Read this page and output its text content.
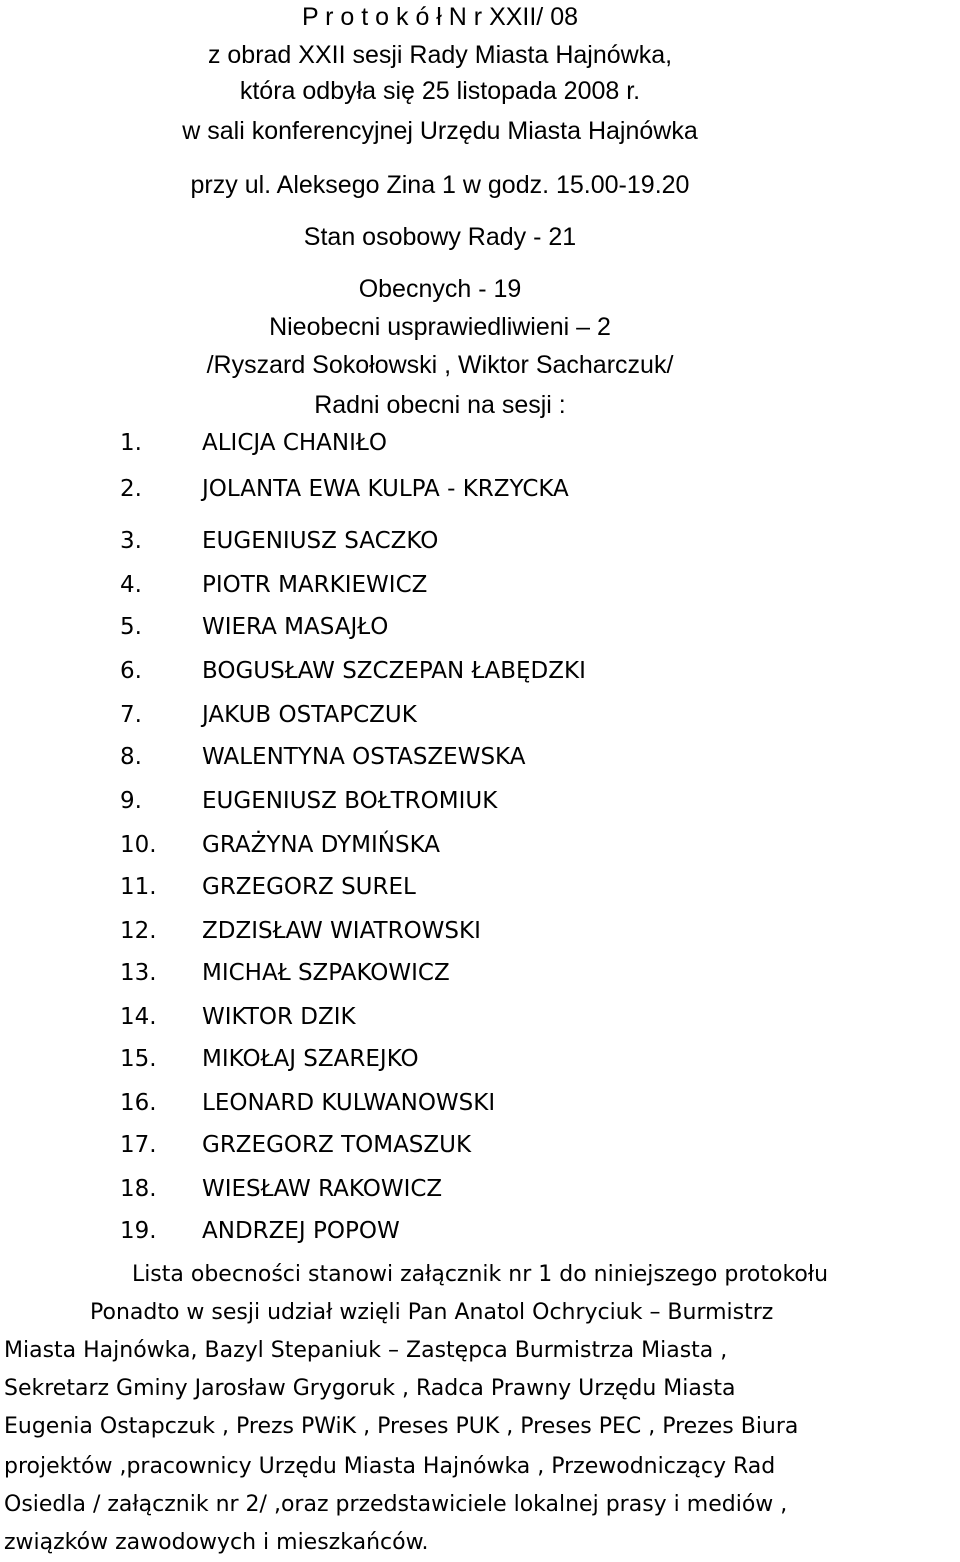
P r o t o k ó ł N r XXII/ 08
z obrad XXII sesji Rady Miasta Hajnówka,
która odbyła się 25 listopada 2008 r.
w sali konferencyjnej Urzędu Miasta Hajnówka
przy ul. Aleksego Zina 1 w godz. 15.00-19.20
Stan osobowy Rady - 21
Obecnych - 19
Nieobecni usprawiedliwieni – 2
/Ryszard Sokołowski , Wiktor Sacharczuk/
Radni obecni na sesji :
1.	ALICJA CHANIŁO
2.	JOLANTA EWA KULPA - KRZYCKA
3.	EUGENIUSZ SACZKO
4.	PIOTR MARKIEWICZ
5.	WIERA MASAJŁO
6.	BOGUSŁAW SZCZEPAN ŁABĘDZKI
7.	JAKUB OSTAPCZUK
8.	WALENTYNA OSTASZEWSKA
9.	EUGENIUSZ BOŁTROMIUK
10. GRAŻYNA DYMIŃSKA
11. GRZEGORZ SUREL
12. ZDZISŁAW WIATROWSKI
13. MICHAŁ SZPAKOWICZ
14. WIKTOR DZIK
15. MIKOŁAJ SZAREJKO
16. LEONARD KULWANOWSKI
17. GRZEGORZ TOMASZUK
18. WIESŁAW RAKOWICZ
19. ANDRZEJ POPOW
Lista obecności stanowi załącznik nr 1 do niniejszego protokołu
Ponadto w sesji udział wzięli Pan Anatol Ochryciuk – Burmistrz
Miasta Hajnówka, Bazyl Stepaniuk – Zastępca Burmistrza Miasta ,
Sekretarz Gminy Jarosław Grygoruk , Radca Prawny Urzędu Miasta
Eugenia Ostapczuk , Prezs PWiK , Preses PUK , Preses PEC , Prezes Biura
projektów ,pracownicy Urzędu Miasta Hajnówka , Przewodniczący Rad
Osiedla / załącznik nr 2/ ,oraz przedstawiciele lokalnej prasy i mediów ,
związków zawodowych i mieszkańców.
